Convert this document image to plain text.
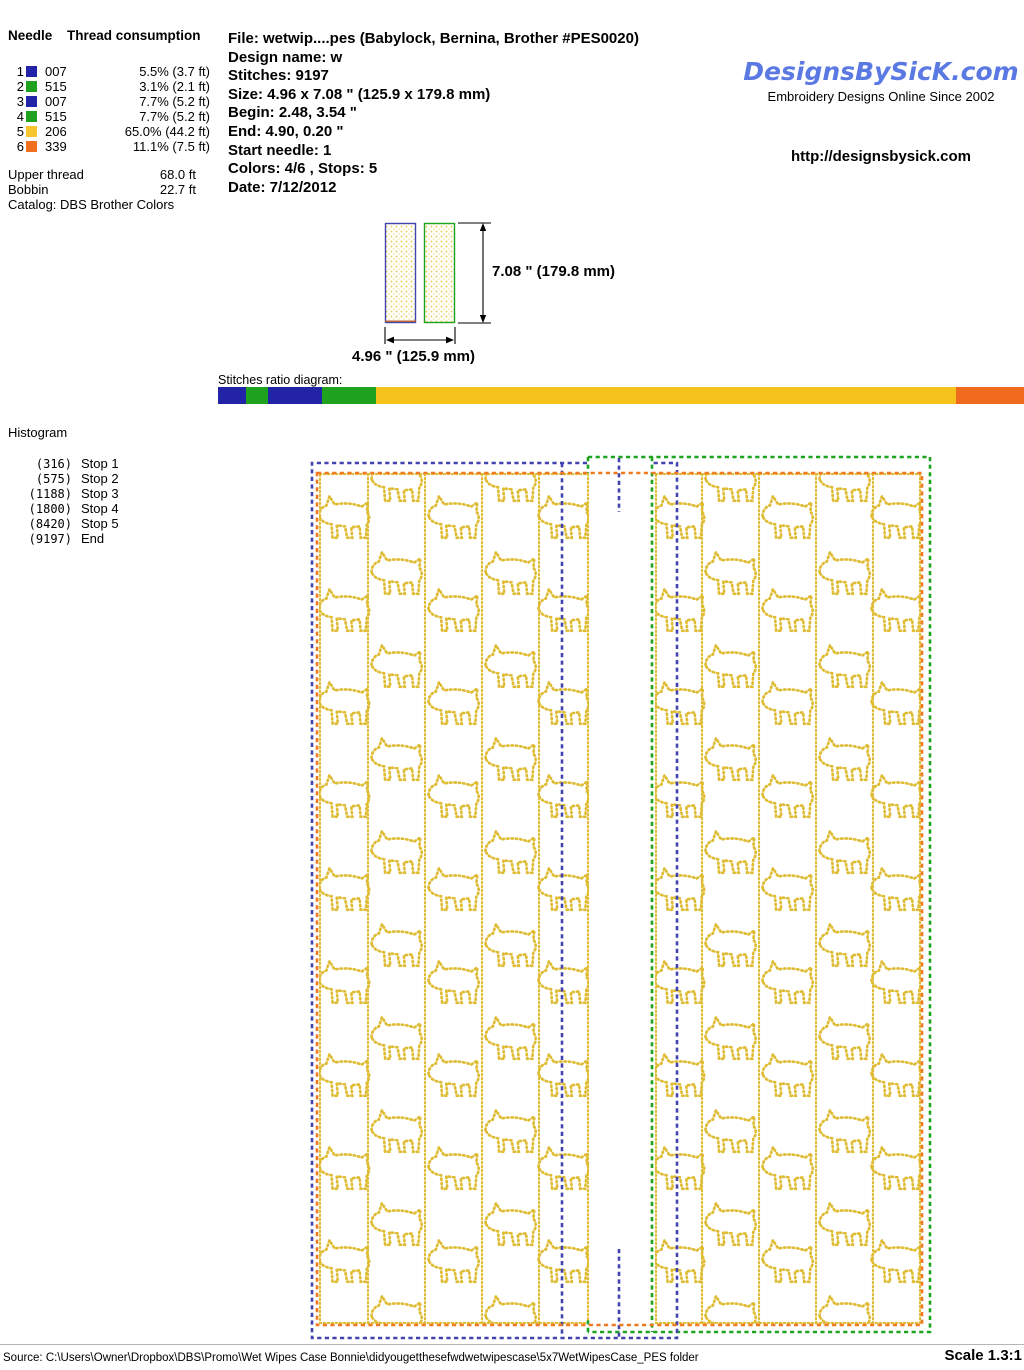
Needle	Thread consumption
1 007	5.5% (3.7 ft)
2 515	3.1% (2.1 ft)
3 007	7.7% (5.2 ft)
4 515	7.7% (5.2 ft)
5 206	65.0% (44.2 ft)
6 339	11.1% (7.5 ft)
Upper thread	68.0 ft
Bobbin	22.7 ft
Catalog: DBS Brother Colors
File: wetwip....pes (Babylock, Bernina, Brother #PES0020)
Design name: w
Stitches: 9197
Size: 4.96 x 7.08 " (125.9 x 179.8 mm)
Begin: 2.48, 3.54 "
End: 4.90, 0.20 "
Start needle: 1
Colors: 4/6 , Stops: 5
Date: 7/12/2012
DesignsBySicK.com
Embroidery Designs Online Since 2002
http://designsbysick.com
7.08 " (179.8 mm)
4.96 " (125.9 mm)
Stitches ratio diagram:
Histogram
(316) Stop 1
(575) Stop 2
(1188) Stop 3
(1800) Stop 4
(8420) Stop 5
(9197) End
Source: C:\Users\Owner\Dropbox\DBS\Promo\Wet Wipes Case Bonnie\didyougetthesefwdwetwipescase\5x7WetWipesCase_PES folder	Scale 1.3:1
